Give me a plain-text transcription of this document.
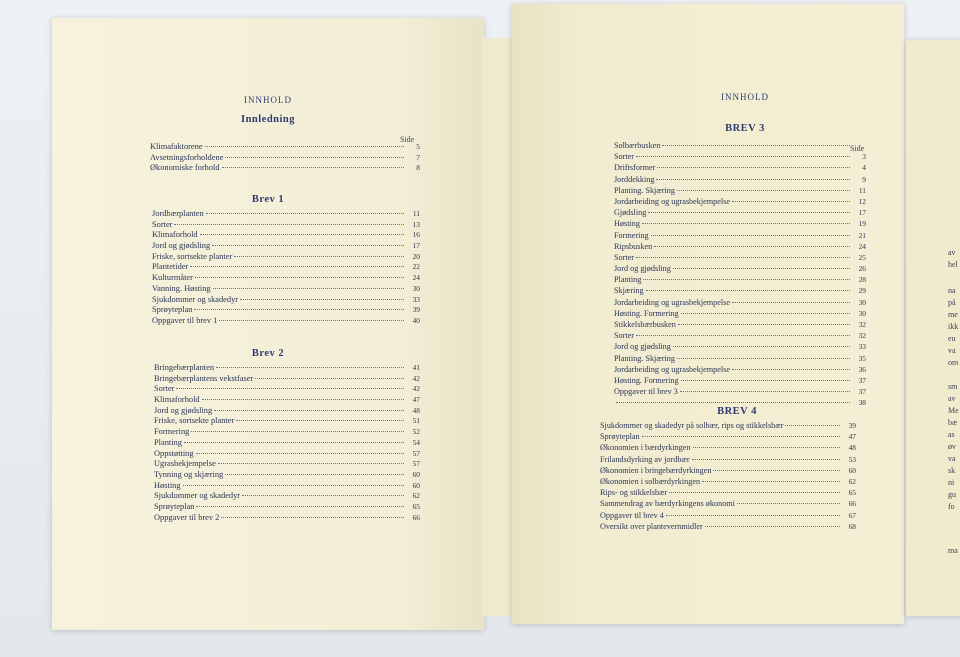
INNHOLD
Innledning
Side
Klimafaktorene	5
Avsetningsforholdene	7
Økonomiske forhold	8
Brev 1
Jordbærplanten	11
Sorter	13
Klimaforhold	16
Jord og gjødsling	17
Friske, sortsekte planter	20
Plantetider	22
Kulturmåter	24
Vanning. Høsting	30
Sjukdommer og skadedyr	33
Sprøyteplan	39
Oppgaver til brev 1	40
Brev 2
Bringebærplanten	41
Bringebærplantens vekstfaser	42
Sorter	42
Klimaforhold	47
Jord og gjødsling	48
Friske, sortsekte planter	51
Formering	52
Planting	54
Oppstøtting	57
Ugrasbekjempelse	57
Tynning og skjæring	60
Høsting	60
Sjukdommer og skadedyr	62
Sprøyteplan	65
Oppgaver til brev 2	66
INNHOLD
BREV 3
Side
Solbærbusken
Sorter	3
Driftsformer	4
Jorddekking	9
Planting. Skjæring	11
Jordarbeiding og ugrasbekjempelse	12
Gjødsling	17
Høsting	19
Formering	21
Ripsbusken	24
Sorter	25
Jord og gjødsling	26
Planting	28
Skjæring	29
Jordarbeiding og ugrasbekjempelse	30
Høsting. Formering	30
Stikkelsbærbusken	32
Sorter	32
Jord og gjødsling	33
Planting. Skjæring	35
Jordarbeiding og ugrasbekjempelse	36
Høsting. Formering	37
Oppgaver til brev 3	37
38
BREV 4
Sjukdommer og skadedyr på solbær, rips og stikkelsbær	39
Sprøyteplan	47
Økonomien i bærdyrkingen	48
Frilandsdyrking av jordbær	53
Økonomien i bringebærdyrkingen	60
Økonomien i solbærdyrkingen	62
Rips- og stikkelsbær	65
Sammendrag av bærdyrkingens økonomi	66
Oppgaver til brev 4	67
Oversikt over plantevernmidler	68
av
hel
na
på
me
ikk
eu
va
om
sm
av
Me
bæ
as
øv
va
sk
ni
gu
fo
ma
